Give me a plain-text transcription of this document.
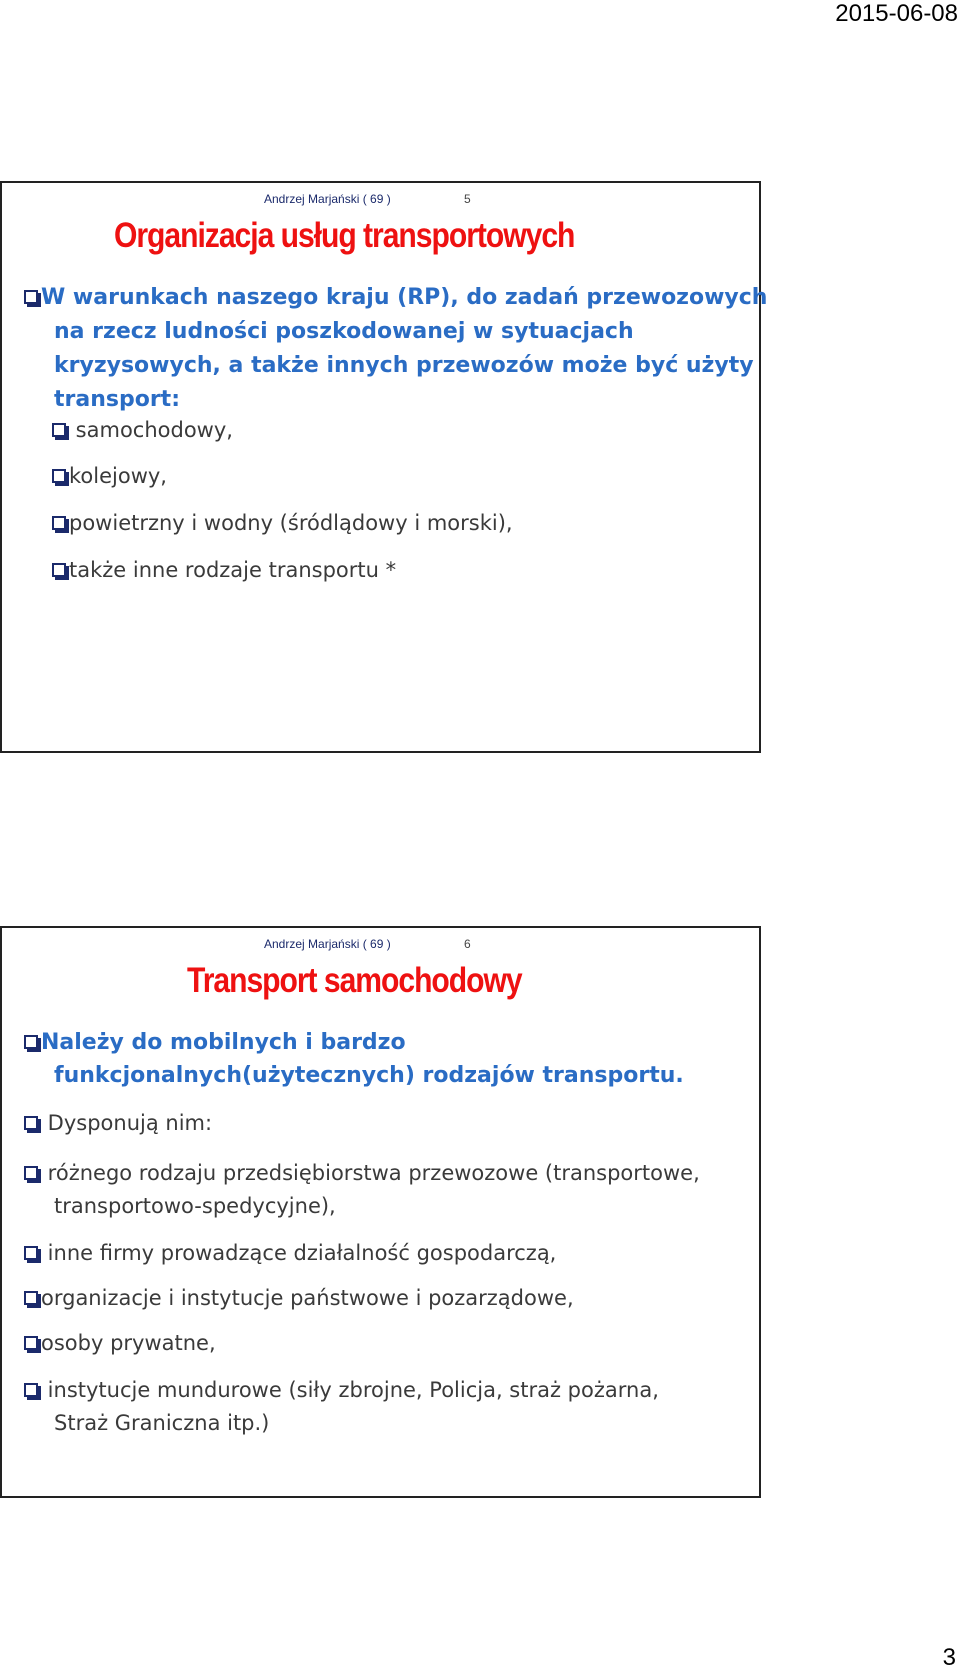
2015-06-08
Andrzej Marjański ( 69 )	5
Organizacja usług transportowych
W warunkach naszego kraju (RP), do zadań przewozowych
na rzecz ludności poszkodowanej w sytuacjach
kryzysowych, a także innych przewozów może być użyty
transport:
samochodowy,
kolejowy,
powietrzny i wodny (śródlądowy i morski),
także inne rodzaje transportu *
Andrzej Marjański ( 69 )	6
Transport samochodowy
Należy do mobilnych i bardzo
funkcjonalnych(użytecznych) rodzajów transportu.
Dysponują nim:
różnego rodzaju przedsiębiorstwa przewozowe (transportowe,
transportowo-spedycyjne),
inne firmy prowadzące działalność gospodarczą,
organizacje i instytucje państwowe i pozarządowe,
osoby prywatne,
instytucje mundurowe (siły zbrojne, Policja, straż pożarna,
Straż Graniczna itp.)
3
